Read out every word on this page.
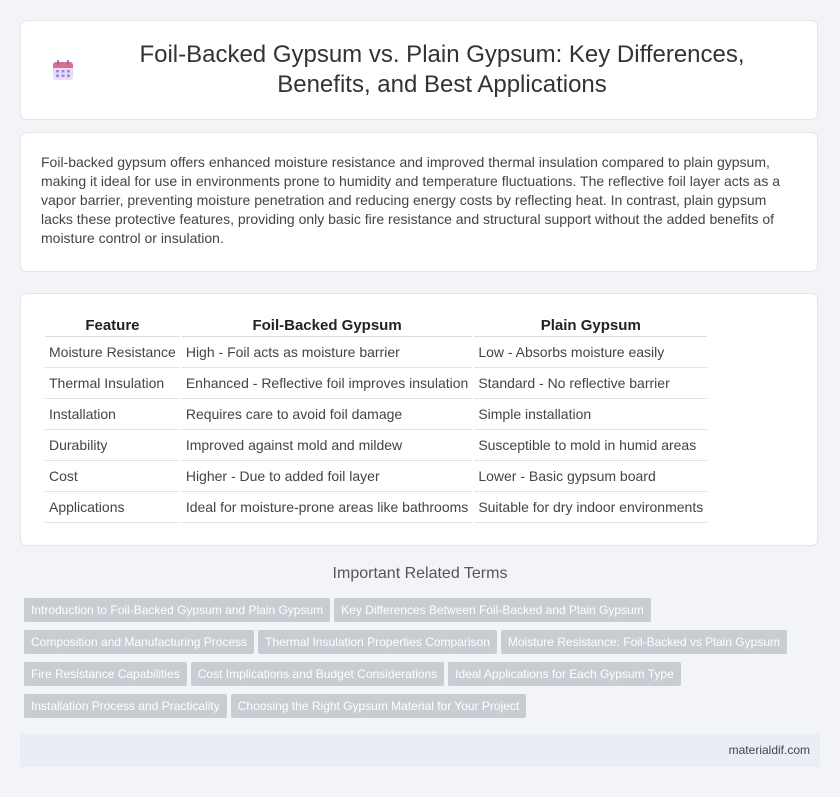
Foil-Backed Gypsum vs. Plain Gypsum: Key Differences, Benefits, and Best Applications

Foil-backed gypsum offers enhanced moisture resistance and improved thermal insulation compared to plain gypsum, making it ideal for use in environments prone to humidity and temperature fluctuations. The reflective foil layer acts as a vapor barrier, preventing moisture penetration and reducing energy costs by reflecting heat. In contrast, plain gypsum lacks these protective features, providing only basic fire resistance and structural support without the added benefits of moisture control or insulation.

Feature	Foil-Backed Gypsum	Plain Gypsum
Moisture Resistance	High - Foil acts as moisture barrier	Low - Absorbs moisture easily
Thermal Insulation	Enhanced - Reflective foil improves insulation	Standard - No reflective barrier
Installation	Requires care to avoid foil damage	Simple installation
Durability	Improved against mold and mildew	Susceptible to mold in humid areas
Cost	Higher - Due to added foil layer	Lower - Basic gypsum board
Applications	Ideal for moisture-prone areas like bathrooms	Suitable for dry indoor environments
Important Related Terms
Introduction to Foil-Backed Gypsum and Plain Gypsum Key Differences Between Foil-Backed and Plain Gypsum
Composition and Manufacturing Process Thermal Insulation Properties Comparison Moisture Resistance: Foil-Backed vs Plain Gypsum
Fire Resistance Capabilities Cost Implications and Budget Considerations Ideal Applications for Each Gypsum Type
Installation Process and Practicality Choosing the Right Gypsum Material for Your Project
materialdif.com
